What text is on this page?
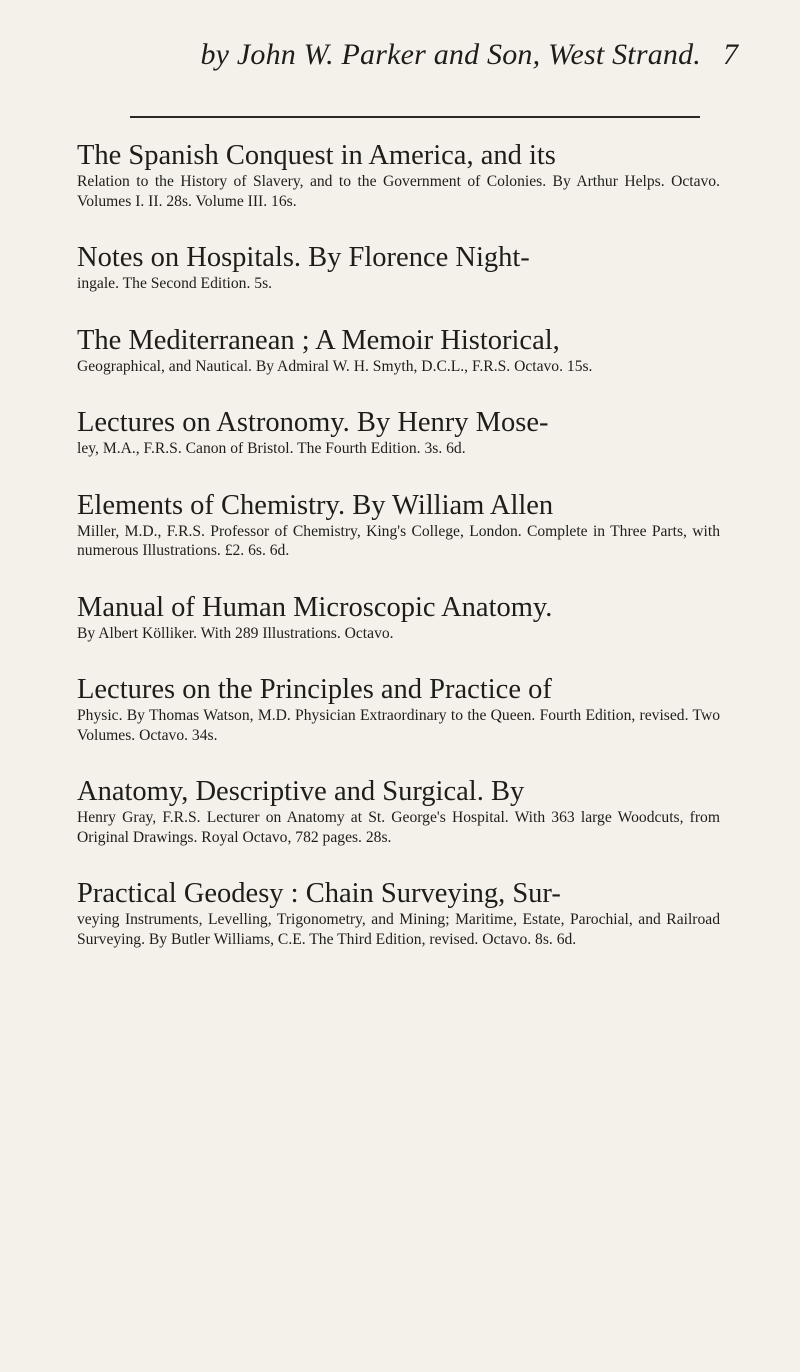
by John W. Parker and Son, West Strand. 7
The Spanish Conquest in America, and its
Relation to the History of Slavery, and to the Government of Colonies. By Arthur Helps. Octavo. Volumes I. II. 28s. Volume III. 16s.
Notes on Hospitals. By Florence Night-
ingale. The Second Edition. 5s.
The Mediterranean ; A Memoir Historical,
Geographical, and Nautical. By Admiral W. H. Smyth, D.C.L., F.R.S. Octavo. 15s.
Lectures on Astronomy. By Henry Mose-
ley, M.A., F.R.S. Canon of Bristol. The Fourth Edition. 3s. 6d.
Elements of Chemistry. By William Allen
Miller, M.D., F.R.S. Professor of Chemistry, King's College, London. Complete in Three Parts, with numerous Illustrations. £2. 6s. 6d.
Manual of Human Microscopic Anatomy.
By Albert Kölliker. With 289 Illustrations. Octavo.
Lectures on the Principles and Practice of
Physic. By Thomas Watson, M.D. Physician Extraordinary to the Queen. Fourth Edition, revised. Two Volumes. Octavo. 34s.
Anatomy, Descriptive and Surgical. By
Henry Gray, F.R.S. Lecturer on Anatomy at St. George's Hospital. With 363 large Woodcuts, from Original Drawings. Royal Octavo, 782 pages. 28s.
Practical Geodesy : Chain Surveying, Sur-
veying Instruments, Levelling, Trigonometry, and Mining; Maritime, Estate, Parochial, and Railroad Surveying. By Butler Williams, C.E. The Third Edition, revised. Octavo. 8s. 6d.
